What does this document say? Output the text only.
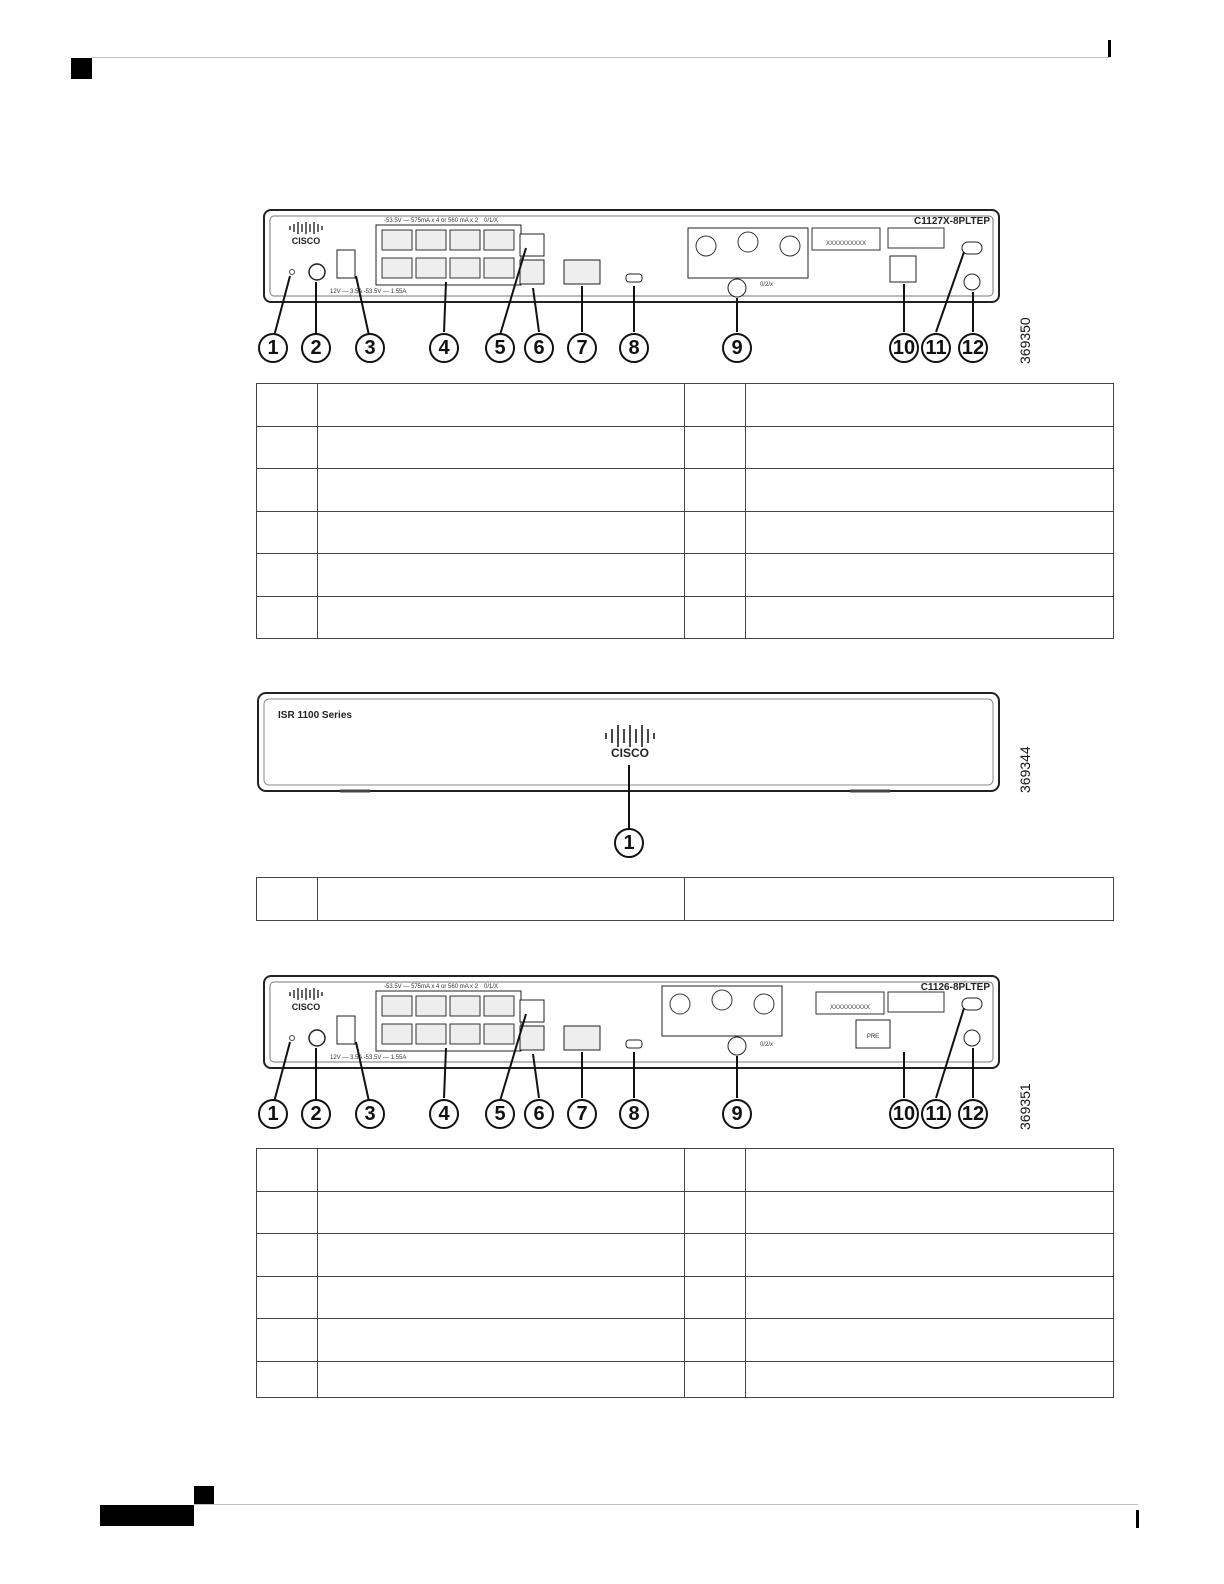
CISCO
12V — 3.5A -53.5V — 1.55A
-53.5V — 575mA x 4 or 560 mA x 2 0/1/X
0/2/x
XXXXXXXXXX
C1127X-8PLTEP
1 2 3	4 5 6 7 8	9	10 11 12 369350

ISR 1100 Series
CISCO
1
369344

CISCO
12V — 3.5A -53.5V — 1.55A
-53.5V — 575mA x 4 or 560 mA x 2 0/1/X
0/2/x
XXXXXXXXXX
C1126-8PLTEP
PRE
1 2 3	4 5 6 7 8	9	10 11 12 369351
